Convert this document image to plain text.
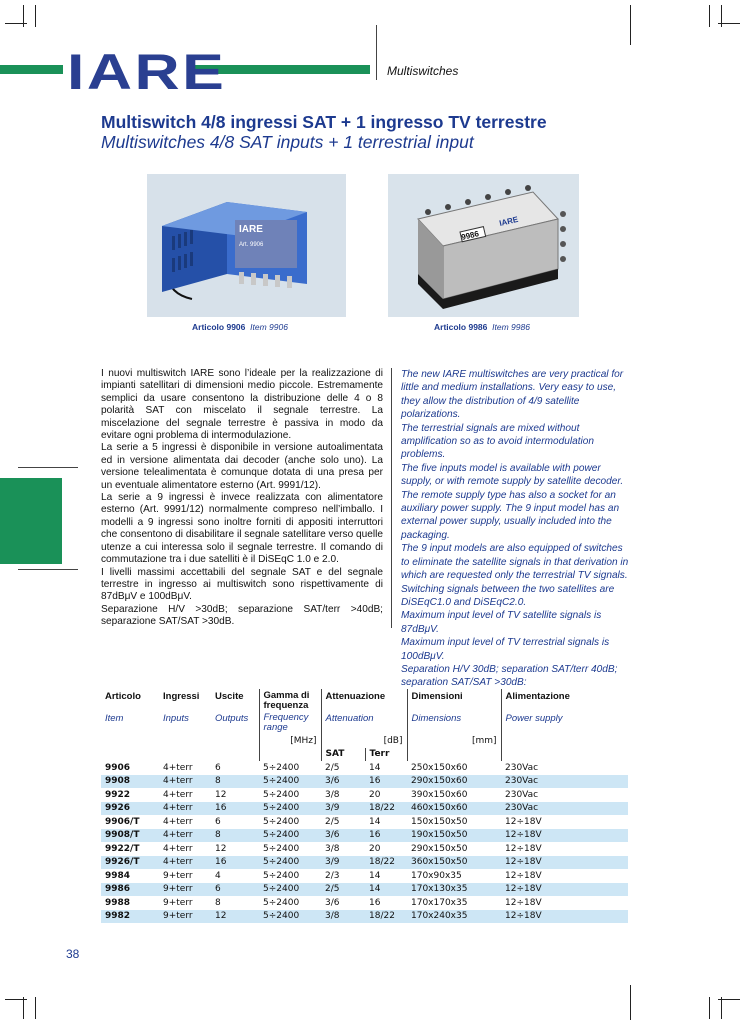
IARE	Multiswitches
Multiswitch 4/8 ingressi SAT + 1 ingresso TV terrestre
Multiswitches 4/8 SAT inputs + 1 terrestrial input
IARE
Art. 9906
Articolo 9906 Item 9906
9986
IARE
Articolo 9986 Item 9986

I nuovi multiswitch IARE sono l’ideale per la realizzazione di impianti satellitari di dimensioni medio piccole. Estremamente semplici da usare consentono la distribuzione delle 4 o 8 polarità SAT con miscelato il segnale terrestre. La miscelazione del segnale terrestre è passiva in modo da evitare ogni problema di intermodulazione.

La serie a 5 ingressi è disponibile in versione autoalimentata ed in versione alimentata dai decoder (anche solo uno). La versione telealimentata è comunque dotata di una presa per un eventuale alimentatore esterno (Art. 9991/12).

La serie a 9 ingressi è invece realizzata con alimentatore esterno (Art. 9991/12) normalmente compreso nell’imballo. I modelli a 9 ingressi sono inoltre forniti di appositi interruttori che consentono di disabilitare il segnale satellitare verso quelle utenze a cui interessa solo il segnale terrestre. Il comando di commutazione tra i due satelliti è il DiSEqC 1.0 e 2.0.

I livelli massimi accettabili del segnale SAT e del segnale terrestre in ingresso ai multiswitch sono rispettivamente di 87dBμV e 100dBμV.

Separazione H/V >30dB; separazione SAT/terr >40dB; separazione SAT/SAT >30dB.

The new IARE multiswitches are very practical for little and medium installations. Very easy to use, they allow the distribution of 4/9 satellite polarizations.

The terrestrial signals are mixed without amplification so as to avoid intermodulation problems.

The five inputs model is available with power supply, or with remote supply by satellite decoder.

The remote supply type has also a socket for an auxiliary power supply. The 9 input model has an external power supply, usually included into the packaging.

The 9 input models are also equipped of switches to eliminate the satellite signals in that derivation in which are requested only the terrestrial TV signals.

Switching signals between the two satellites are DiSEqC1.0 and DiSEqC2.0.

Maximum input level of TV satellite signals is 87dBμV.

Maximum input level of TV terrestrial signals is 100dBμV.

Separation H/V 30dB; separation SAT/terr 40dB; separation SAT/SAT >30dB:

Articolo	Ingressi	Uscite	Gamma di frequenza	Attenuazione		Dimensioni	Alimentazione
Item	Inputs	Outputs	Frequency range	Attenuation		Dimensions	Power supply
			[MHz]	[dB]		[mm]	
				SAT	Terr		
9906	4+terr	6	5÷2400	2/5	14	250x150x60	230Vac
9908	4+terr	8	5÷2400	3/6	16	290x150x60	230Vac
9922	4+terr	12	5÷2400	3/8	20	390x150x60	230Vac
9926	4+terr	16	5÷2400	3/9	18/22	460x150x60	230Vac
9906/T	4+terr	6	5÷2400	2/5	14	150x150x50	12÷18V
9908/T	4+terr	8	5÷2400	3/6	16	190x150x50	12÷18V
9922/T	4+terr	12	5÷2400	3/8	20	290x150x50	12÷18V
9926/T	4+terr	16	5÷2400	3/9	18/22	360x150x50	12÷18V
9984	9+terr	4	5÷2400	2/3	14	170x90x35	12÷18V
9986	9+terr	6	5÷2400	2/5	14	170x130x35	12÷18V
9988	9+terr	8	5÷2400	3/6	16	170x170x35	12÷18V
9982	9+terr	12	5÷2400	3/8	18/22	170x240x35	12÷18V
38
